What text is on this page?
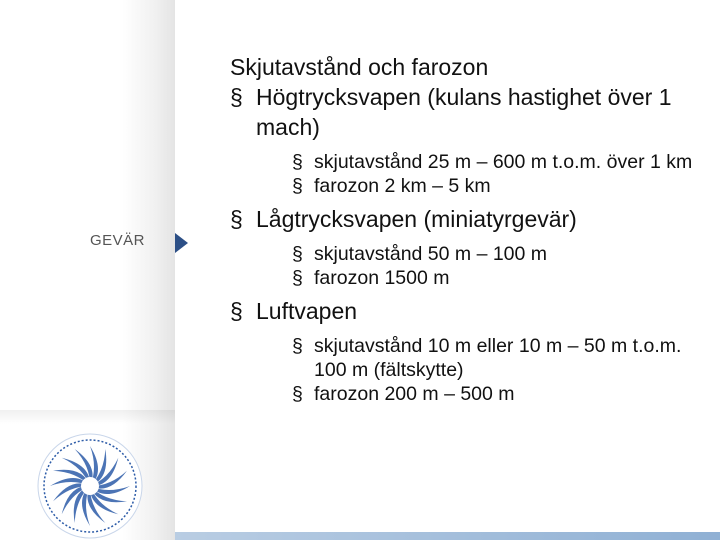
GEVÄR
Skjutavstånd och farozon
§ Högtrycksvapen (kulans hastighet över 1 mach)
§ skjutavstånd 25 m – 600 m t.o.m. över 1 km
§ farozon 2 km – 5 km
§ Lågtrycksvapen (miniatyrgevär)
§ skjutavstånd 50 m – 100 m
§ farozon 1500 m
§ Luftvapen
§ skjutavstånd 10 m eller 10 m – 50 m t.o.m. 100 m (fältskytte)
§ farozon 200 m – 500 m
